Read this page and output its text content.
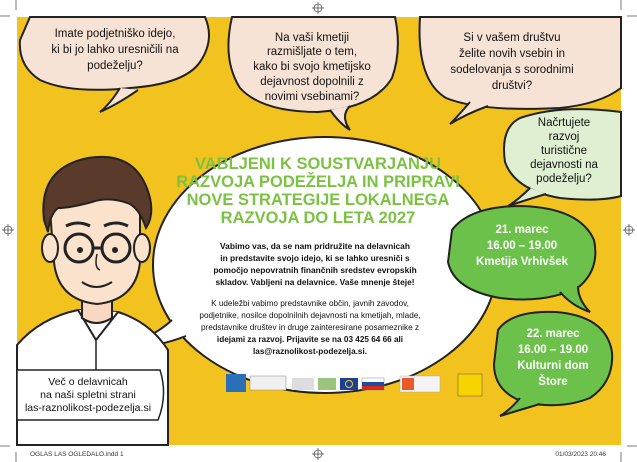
Imate podjetniško idejo,
ki bi jo lahko uresničili na
podeželju?
Na vaši kmetiji
razmišljate o tem,
kako bi svojo kmetijsko
dejavnost dopolnili z
novimi vsebinami?
Si v vašem društvu
želite novih vsebin in
sodelovanja s sorodnimi
društvi?
Načrtujete
razvoj
turistične
dejavnosti na
podeželju?
VABLJENI K SOUSTVARJANJU
RAZVOJA PODEŽELJA IN PRIPRAVI
NOVE STRATEGIJE LOKALNEGA
RAZVOJA DO LETA 2027
Vabimo vas, da se nam pridružite na delavnicah
in predstavite svojo idejo, ki se lahko uresniči s
pomočjo nepovratnih finančnih sredstev evropskih
skladov. Vabljeni na delavnice. Vaše mnenje šteje!
K udeležbi vabimo predstavnike občin, javnih zavodov,
podjetnike, nosilce dopolnilnih dejavnosti na kmetijah, mlade,
predstavnike društev in druge zainteresirane posameznike z
idejami za razvoj. Prijavite se na 03 425 64 66 ali
las@raznolikost-podezelja.si.
Več o delavnicah
na naši spletni strani
las-raznolikost-podezelja.si
21. marec
16.00 – 19.00
Kmetija Vrhivšek
22. marec
16.00 – 19.00
Kulturni dom
Štore
OGLAS LAS OGLEDALO.indd 1	01/03/2023 20:46
